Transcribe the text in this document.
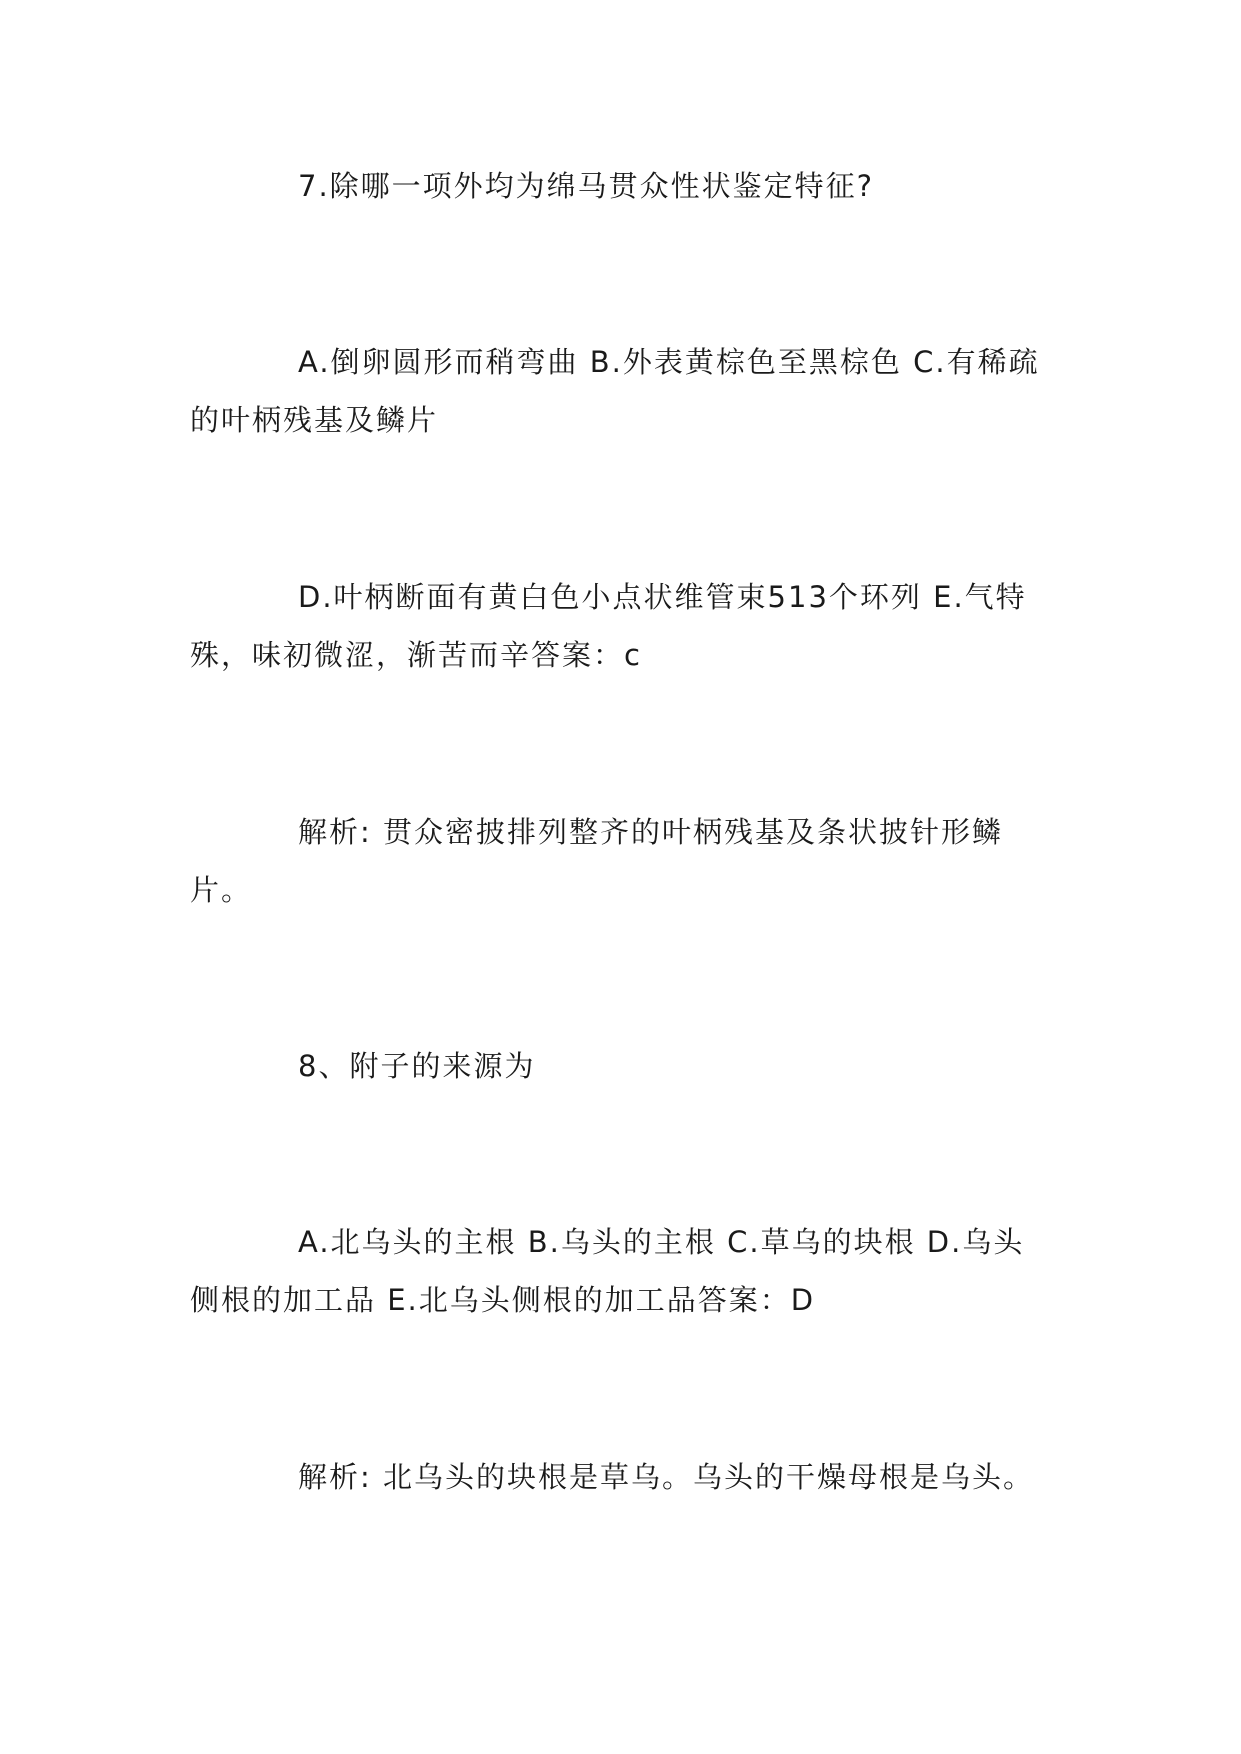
7.除哪一项外均为绵马贯众性状鉴定特征?

A.倒卵圆形而稍弯曲 B.外表黄棕色至黑棕色 C.有稀疏的叶柄残基及鳞片

D.叶柄断面有黄白色小点状维管束513个环列 E.气特殊，味初微涩，渐苦而辛答案：c

解析: 贯众密披排列整齐的叶柄残基及条状披针形鳞片。

8、附子的来源为

A.北乌头的主根 B.乌头的主根 C.草乌的块根 D.乌头侧根的加工品 E.北乌头侧根的加工品答案：D

解析: 北乌头的块根是草乌。乌头的干燥母根是乌头。
